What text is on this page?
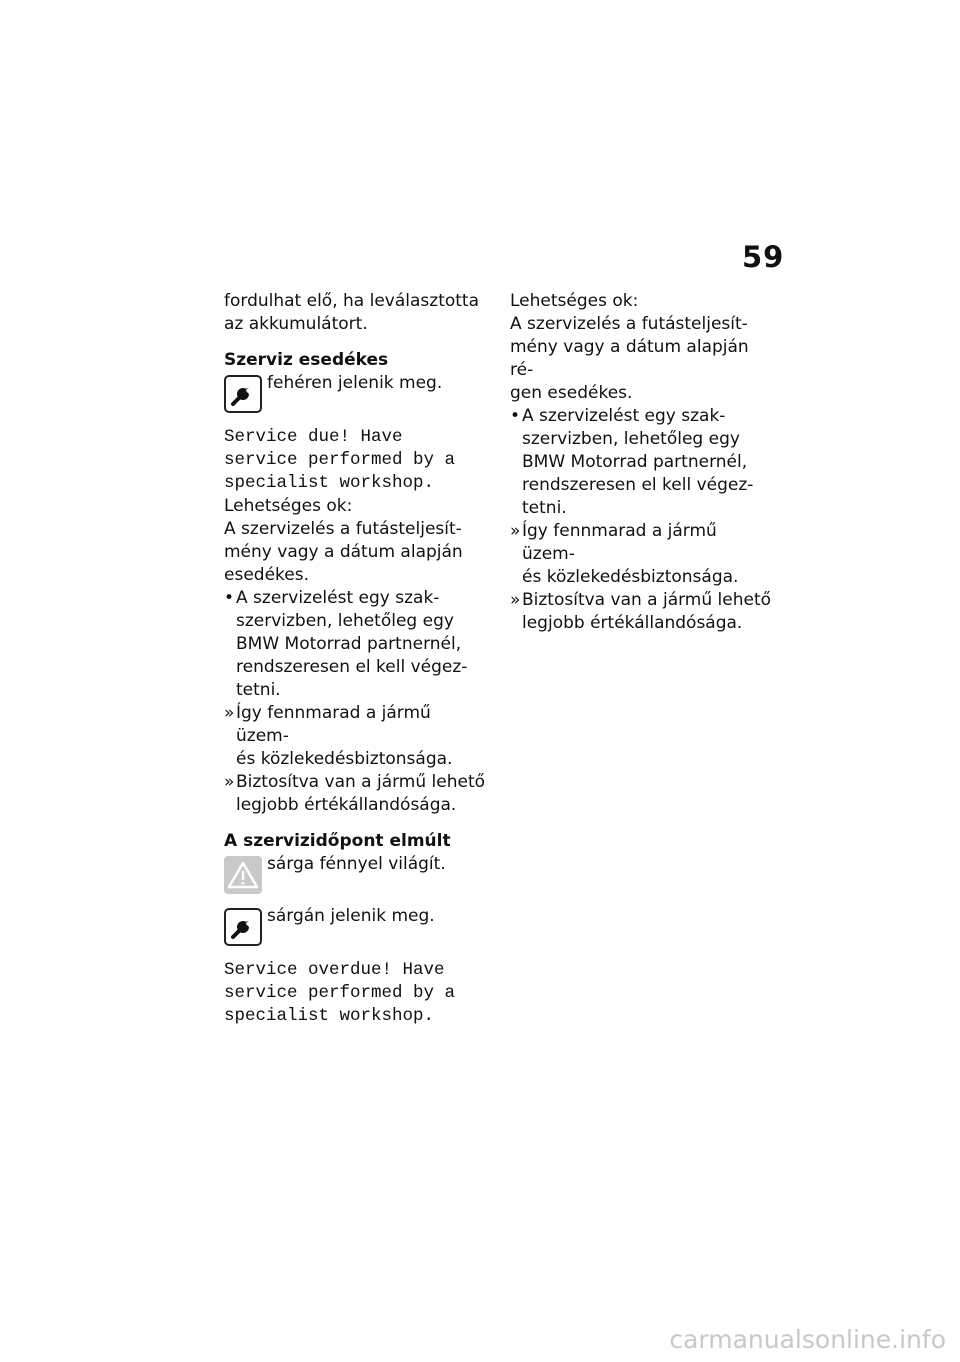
59

fordulhat elő, ha leválasztotta

az akkumulátort.

Szerviz esedékes

fehéren jelenik meg.

Service due! Have

service performed by a

specialist workshop.

Lehetséges ok:

A szervizelés a futásteljesít-

mény vagy a dátum alapján

esedékes.

• A szervizelést egy szak-
szervizben, lehetőleg egy
BMW Motorrad partnernél,
rendszeresen el kell végez-
tetni.
» Így fennmarad a jármű üzem-
és közlekedésbiztonsága.
» Biztosítva van a jármű lehető
legjobb értékállandósága.

A szervizidőpont elmúlt

sárga fénnyel világít.
sárgán jelenik meg.

Service overdue! Have

service performed by a

specialist workshop.

Lehetséges ok:

A szervizelés a futásteljesít-

mény vagy a dátum alapján ré-

gen esedékes.

• A szervizelést egy szak-
szervizben, lehetőleg egy
BMW Motorrad partnernél,
rendszeresen el kell végez-
tetni.
» Így fennmarad a jármű üzem-
és közlekedésbiztonsága.
» Biztosítva van a jármű lehető
legjobb értékállandósága.
carmanualsonline.info
